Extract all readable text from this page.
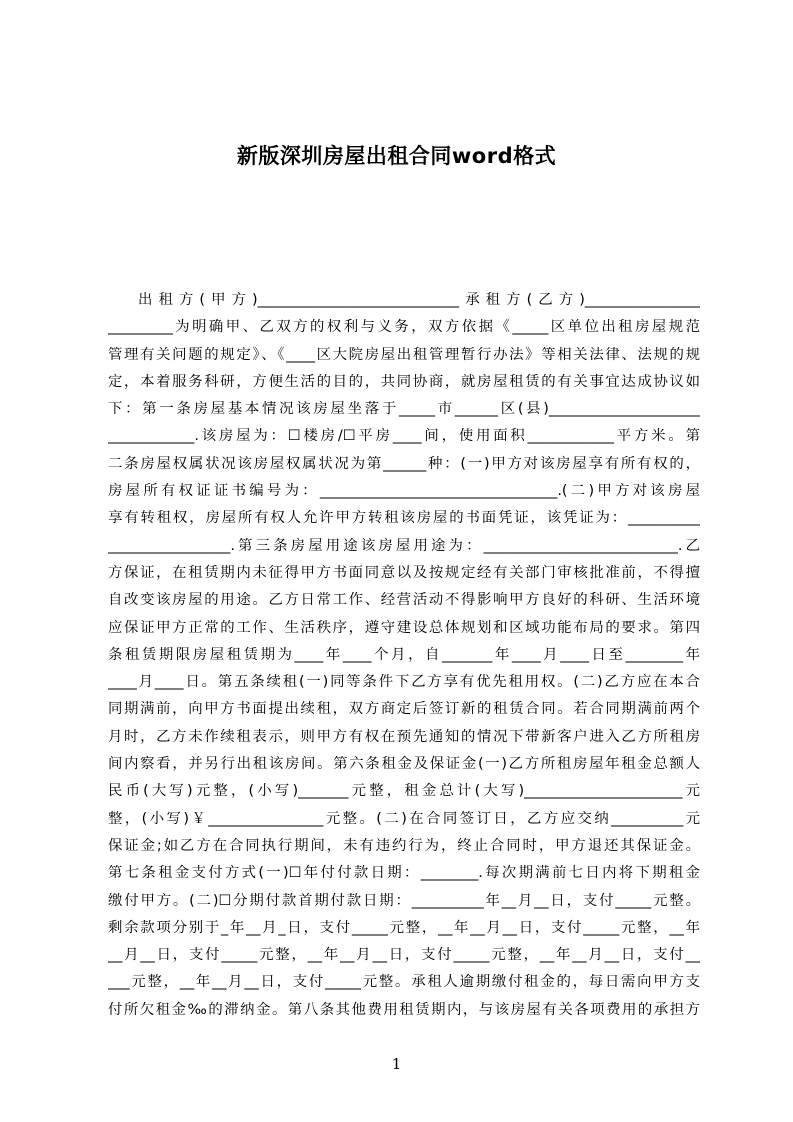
新版深圳房屋出租合同word格式
出租方(甲方)____________________________承租方(乙方)________________
_________为明确甲、乙双方的权利与义务，双方依据《_____区单位出租房屋规范
管理有关问题的规定》、《____区大院房屋出租管理暂行办法》等相关法律、法规的规
定，本着服务科研，方便生活的目的，共同协商，就房屋租赁的有关事宜达成协议如
下：第一条房屋基本情况该房屋坐落于_____市______区(县)_____________________
____________.该房屋为：☐楼房/☐平房____间，使用面积____________平方米。第
二条房屋权属状况该房屋权属状况为第______种：(一)甲方对该房屋享有所有权的，
房屋所有权证证书编号为：_________________________________.(二)甲方对该房屋
享有转租权，房屋所有权人允许甲方转租该房屋的书面凭证，该凭证为：__________
_________________.第三条房屋用途该房屋用途为：___________________________.乙
方保证，在租赁期内未征得甲方书面同意以及按规定经有关部门审核批准前，不得擅
自改变该房屋的用途。乙方日常工作、经营活动不得影响甲方良好的科研、生活环境
应保证甲方正常的工作、生活秩序，遵守建设总体规划和区域功能布局的要求。第四
条租赁期限房屋租赁期为____年____个月，自_______年____月____日至________年
____月____日。第五条续租(一)同等条件下乙方享有优先租用权。(二)乙方应在本合
同期满前，向甲方书面提出续租，双方商定后签订新的租赁合同。若合同期满前两个
月时，乙方未作续租表示，则甲方有权在预先通知的情况下带新客户进入乙方所租房
间内察看，并另行出租该房间。第六条租金及保证金(一)乙方所租房屋年租金总额人
民币(大写)元整，(小写)_______元整，租金总计(大写)______________________元
整，(小写)￥________________元整。(二)在合同签订日，乙方应交纳__________元
保证金;如乙方在合同执行期间，未有违约行为，终止合同时，甲方退还其保证金。
第七条租金支付方式(一)☐年付付款日期：________.每次期满前七日内将下期租金
缴付甲方。(二)☐分期付款首期付款日期：__________年__月__日，支付_____元整。
剩余款项分别于_年__月_日，支付_____元整，__年__月__日，支付_____元整，__年
__月__日，支付_____元整，__年__月__日，支付_____元整，__年__月__日，支付__
___元整，__年__月__日，支付_____元整。承租人逾期缴付租金的，每日需向甲方支
付所欠租金‰的滞纳金。第八条其他费用租赁期内，与该房屋有关各项费用的承担方
1
